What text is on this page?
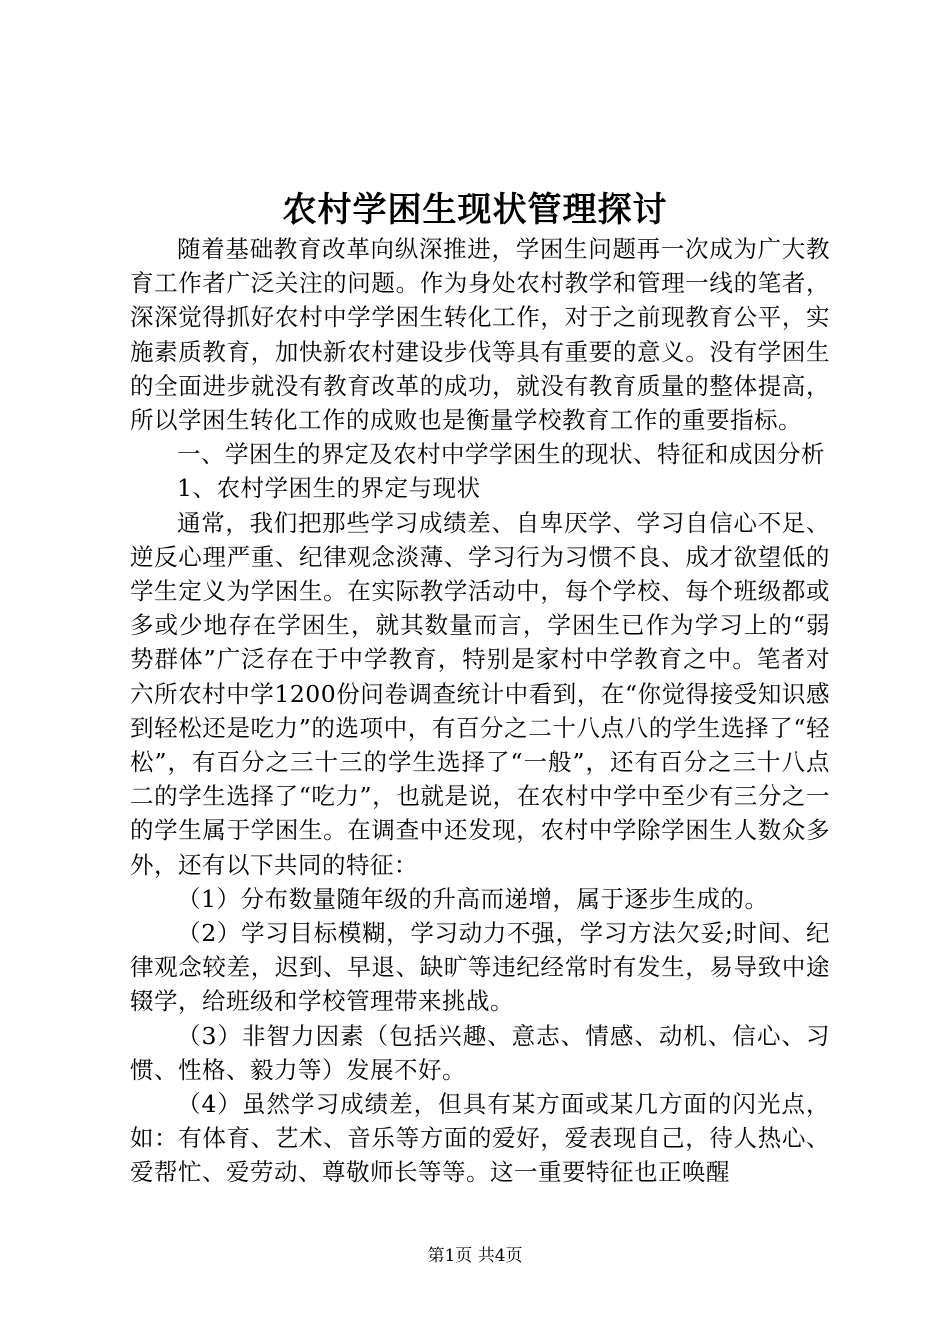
农村学困生现状管理探讨

随着基础教育改革向纵深推进，学困生问题再一次成为广大教育工作者广泛关注的问题。作为身处农村教学和管理一线的笔者，深深觉得抓好农村中学学困生转化工作，对于之前现教育公平，实施素质教育，加快新农村建设步伐等具有重要的意义。没有学困生的全面进步就没有教育改革的成功，就没有教育质量的整体提高，所以学困生转化工作的成败也是衡量学校教育工作的重要指标。

一、学困生的界定及农村中学学困生的现状、特征和成因分析

1、农村学困生的界定与现状

通常，我们把那些学习成绩差、自卑厌学、学习自信心不足、逆反心理严重、纪律观念淡薄、学习行为习惯不良、成才欲望低的学生定义为学困生。在实际教学活动中，每个学校、每个班级都或多或少地存在学困生，就其数量而言，学困生已作为学习上的“弱势群体”广泛存在于中学教育，特别是家村中学教育之中。笔者对六所农村中学1200份问卷调查统计中看到，在“你觉得接受知识感到轻松还是吃力”的选项中，有百分之二十八点八的学生选择了“轻松”，有百分之三十三的学生选择了“一般”，还有百分之三十八点二的学生选择了“吃力”，也就是说，在农村中学中至少有三分之一的学生属于学困生。在调查中还发现，农村中学除学困生人数众多外，还有以下共同的特征：

（1）分布数量随年级的升高而递增，属于逐步生成的。

（2）学习目标模糊，学习动力不强，学习方法欠妥;时间、纪律观念较差，迟到、早退、缺旷等违纪经常时有发生，易导致中途辍学，给班级和学校管理带来挑战。

（3）非智力因素（包括兴趣、意志、情感、动机、信心、习惯、性格、毅力等）发展不好。

（4）虽然学习成绩差，但具有某方面或某几方面的闪光点，如：有体育、艺术、音乐等方面的爱好，爱表现自己，待人热心、爱帮忙、爱劳动、尊敬师长等等。这一重要特征也正唤醒

第1页 共4页
